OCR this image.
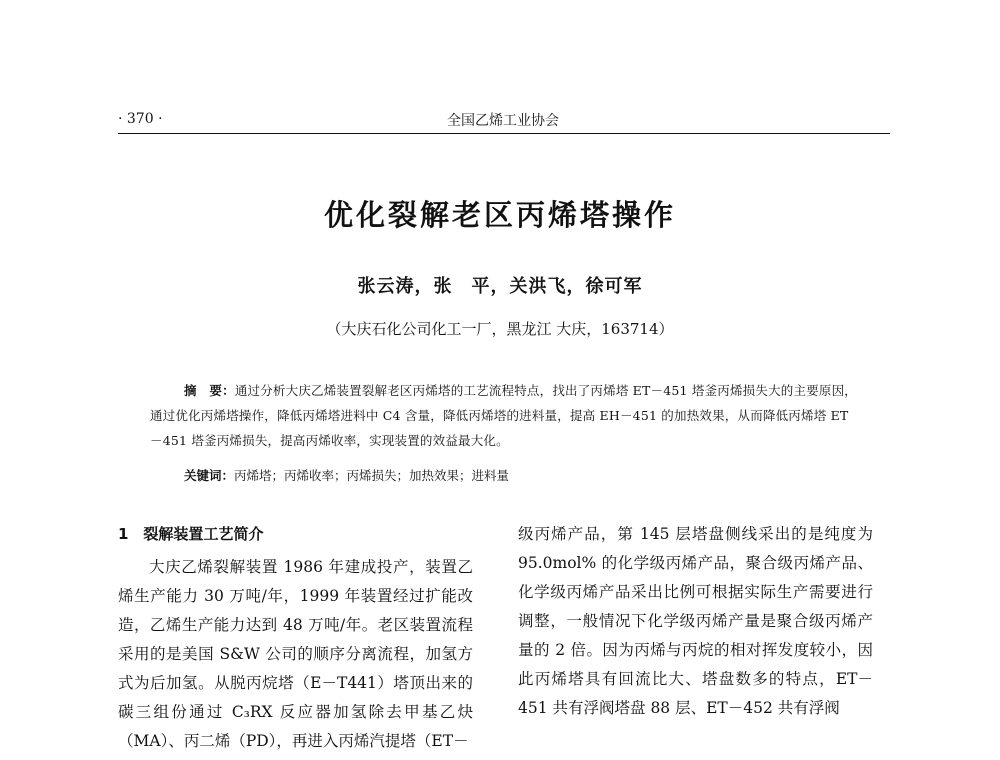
· 370 ·	全国乙烯工业协会
优化裂解老区丙烯塔操作
张云涛，张　平，关洪飞，徐可军
（大庆石化公司化工一厂，黑龙江 大庆，163714）
摘　要：通过分析大庆乙烯装置裂解老区丙烯塔的工艺流程特点，找出了丙烯塔 ET－451 塔釜丙烯损失大的主要原因，通过优化丙烯塔操作，降低丙烯塔进料中 C4 含量，降低丙烯塔的进料量，提高 EH－451 的加热效果，从而降低丙烯塔 ET－451 塔釜丙烯损失，提高丙烯收率，实现装置的效益最大化。
关键词：丙烯塔；丙烯收率；丙烯损失；加热效果；进料量
1　裂解装置工艺简介

大庆乙烯裂解装置 1986 年建成投产，装置乙烯生产能力 30 万吨/年，1999 年装置经过扩能改造，乙烯生产能力达到 48 万吨/年。老区装置流程采用的是美国 S&W 公司的顺序分离流程，加氢方式为后加氢。从脱丙烷塔（E－T441）塔顶出来的碳三组份通过 C₃RX 反应器加氢除去甲基乙炔（MA）、丙二烯（PD），再进入丙烯汽提塔（ET－

级丙烯产品，第 145 层塔盘侧线采出的是纯度为 95.0mol% 的化学级丙烯产品，聚合级丙烯产品、化学级丙烯产品采出比例可根据实际生产需要进行调整，一般情况下化学级丙烯产量是聚合级丙烯产量的 2 倍。因为丙烯与丙烷的相对挥发度较小，因此丙烯塔具有回流比大、塔盘数多的特点，ET－451 共有浮阀塔盘 88 层、ET－452 共有浮阀
